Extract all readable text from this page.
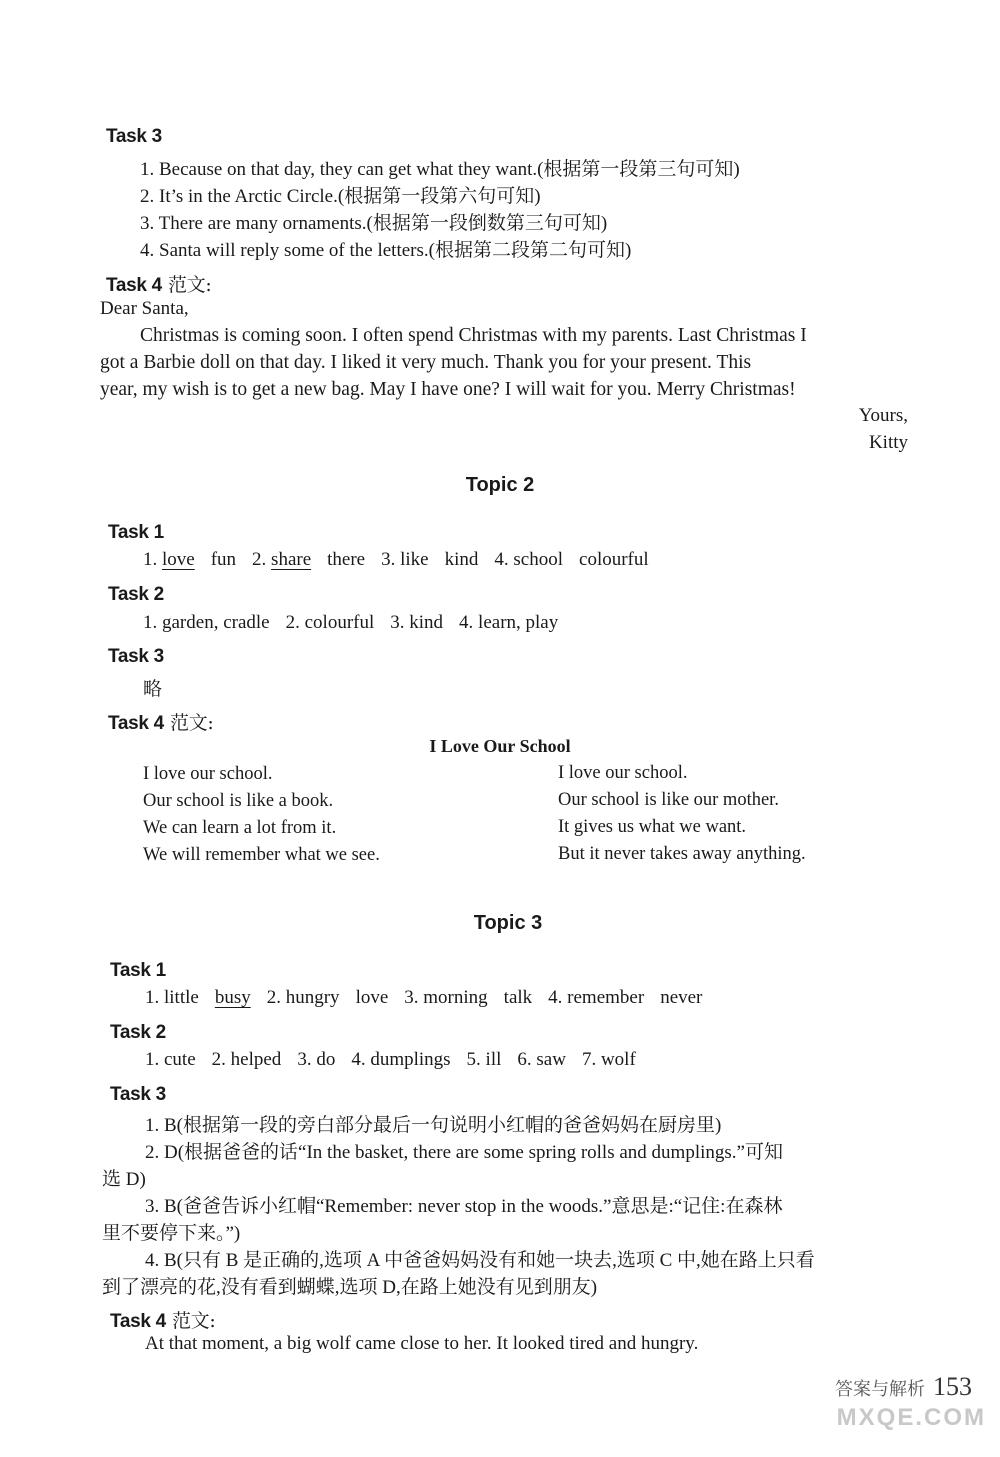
Task 3
1. Because on that day, they can get what they want.(根据第一段第三句可知)
2. It’s in the Arctic Circle.(根据第一段第六句可知)
3. There are many ornaments.(根据第一段倒数第三句可知)
4. Santa will reply some of the letters.(根据第二段第二句可知)
Task 4 范文:
Dear Santa,
Christmas is coming soon. I often spend Christmas with my parents. Last Christmas I
got a Barbie doll on that day. I liked it very much. Thank you for your present. This
year, my wish is to get a new bag. May I have one? I will wait for you. Merry Christmas!
Yours,
Kitty
Topic 2
Task 1
1. love fun 2. share there 3. like kind 4. school colourful
Task 2
1. garden, cradle 2. colourful 3. kind 4. learn, play
Task 3
略
Task 4 范文:
I Love Our School
I love our school.
Our school is like a book.
We can learn a lot from it.
We will remember what we see.
I love our school.
Our school is like our mother.
It gives us what we want.
But it never takes away anything.
Topic 3
Task 1
1. little busy 2. hungry love 3. morning talk 4. remember never
Task 2
1. cute 2. helped 3. do 4. dumplings 5. ill 6. saw 7. wolf
Task 3
1. B(根据第一段的旁白部分最后一句说明小红帽的爸爸妈妈在厨房里)
2. D(根据爸爸的话“In the basket, there are some spring rolls and dumplings.”可知
选 D)
3. B(爸爸告诉小红帽“Remember: never stop in the woods.”意思是:“记住:在森林
里不要停下来。”)
4. B(只有 B 是正确的,选项 A 中爸爸妈妈没有和她一块去,选项 C 中,她在路上只看
到了漂亮的花,没有看到蝴蝶,选项 D,在路上她没有见到朋友)
Task 4 范文:
At that moment, a big wolf came close to her. It looked tired and hungry.
答案与解析 153
MXQE.COM
